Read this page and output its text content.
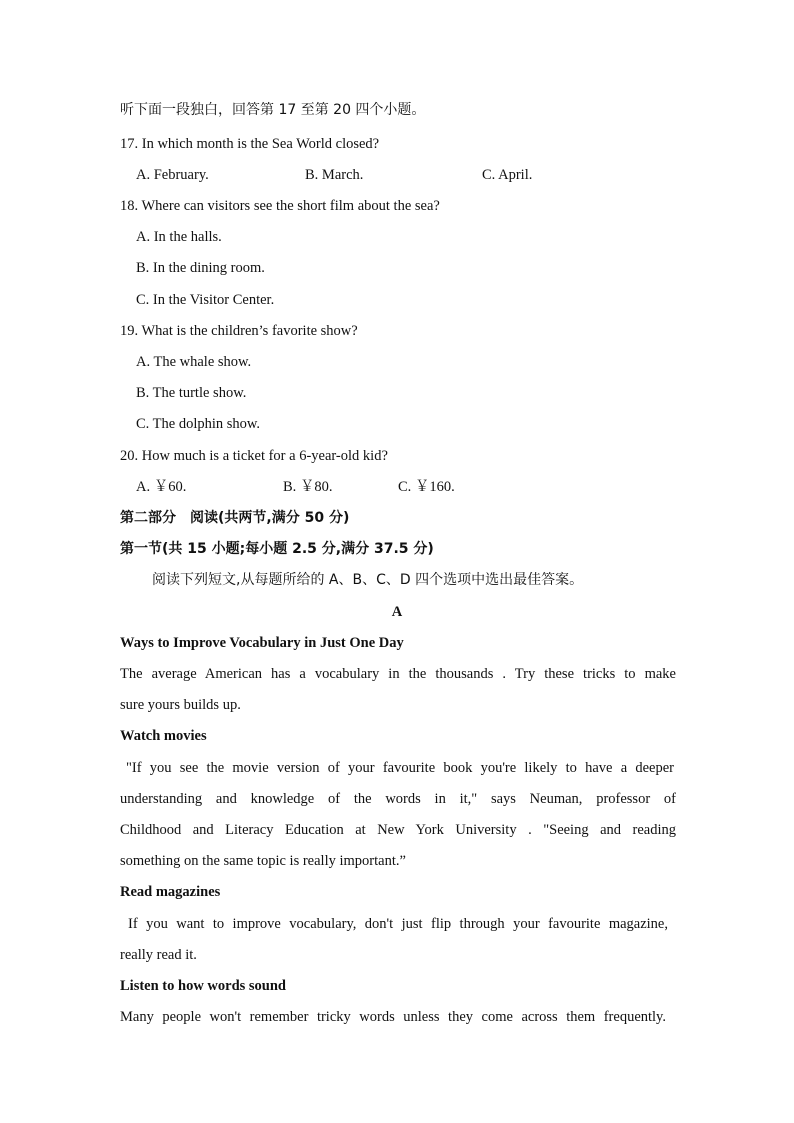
听下面一段独白，回答第 17 至第 20 四个小题。
17. In which month is the Sea World closed?
A. February.	B. March.	C. April.
18. Where can visitors see the short film about the sea?
A. In the halls.
B. In the dining room.
C. In the Visitor Center.
19. What is the children’s favorite show?
A. The whale show.
B. The turtle show.
C. The dolphin show.
20. How much is a ticket for a 6-year-old kid?
A. ￥60.	B. ￥80.	C. ￥160.
第二部分　阅读(共两节,满分 50 分)
第一节(共 15 小题;每小题 2.5 分,满分 37.5 分)
阅读下列短文,从每题所给的 A、B、C、D 四个选项中选出最佳答案。
A
Ways to Improve Vocabulary in Just One Day
The average American has a vocabulary in the thousands . Try these tricks to make
sure yours builds up.
Watch movies
"If you see the movie version of your favourite book you're likely to have a deeper
understanding and knowledge of the words in it," says Neuman, professor of
Childhood and Literacy Education at New York University . "Seeing and reading
something on the same topic is really important.”
Read magazines
If you want to improve vocabulary, don't just flip through your favourite magazine,
really read it.
Listen to how words sound
Many people won't remember tricky words unless they come across them frequently.
